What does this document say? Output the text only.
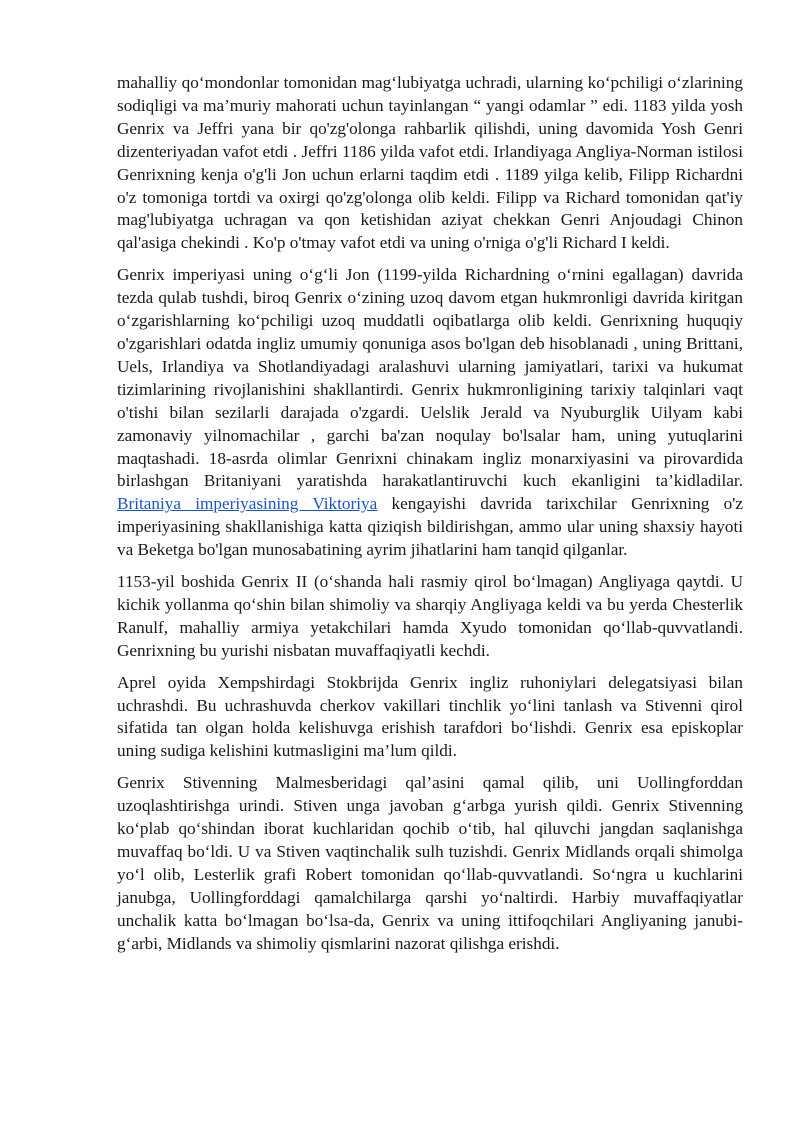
mahalliy qo‘mondonlar tomonidan mag‘lubiyatga uchradi, ularning ko‘pchiligi o‘zlarining sodiqligi va ma’muriy mahorati uchun tayinlangan “ yangi odamlar ” edi. 1183 yilda yosh Genrix va Jeffri yana bir qo'zg'olonga rahbarlik qilishdi, uning davomida Yosh Genri dizenteriyadan vafot etdi . Jeffri 1186 yilda vafot etdi. Irlandiyaga Angliya-Norman istilosi Genrixning kenja o'g'li Jon uchun erlarni taqdim etdi . 1189 yilga kelib, Filipp Richardni o'z tomoniga tortdi va oxirgi qo'zg'olonga olib keldi. Filipp va Richard tomonidan qat'iy mag'lubiyatga uchragan va qon ketishidan aziyat chekkan Genri Anjoudagi Chinon qal'asiga chekindi . Ko'p o'tmay vafot etdi va uning o'rniga o'g'li Richard I keldi.

Genrix imperiyasi uning o‘g‘li Jon (1199-yilda Richardning o‘rnini egallagan) davrida tezda qulab tushdi, biroq Genrix o‘zining uzoq davom etgan hukmronligi davrida kiritgan o‘zgarishlarning ko‘pchiligi uzoq muddatli oqibatlarga olib keldi. Genrixning huquqiy o'zgarishlari odatda ingliz umumiy qonuniga asos bo'lgan deb hisoblanadi , uning Brittani, Uels, Irlandiya va Shotlandiyadagi aralashuvi ularning jamiyatlari, tarixi va hukumat tizimlarining rivojlanishini shakllantirdi. Genrix hukmronligining tarixiy talqinlari vaqt o'tishi bilan sezilarli darajada o'zgardi. Uelslik Jerald va Nyuburglik Uilyam kabi zamonaviy yilnomachilar , garchi ba'zan noqulay bo'lsalar ham, uning yutuqlarini maqtashadi. 18-asrda olimlar Genrixni chinakam ingliz monarxiyasini va pirovardida birlashgan Britaniyani yaratishda harakatlantiruvchi kuch ekanligini ta’kidladilar. Britaniya imperiyasining Viktoriya kengayishi davrida tarixchilar Genrixning o'z imperiyasining shakllanishiga katta qiziqish bildirishgan, ammo ular uning shaxsiy hayoti va Beketga bo'lgan munosabatining ayrim jihatlarini ham tanqid qilganlar.

1153-yil boshida Genrix II (o‘shanda hali rasmiy qirol bo‘lmagan) Angliyaga qaytdi. U kichik yollanma qo‘shin bilan shimoliy va sharqiy Angliyaga keldi va bu yerda Chesterlik Ranulf, mahalliy armiya yetakchilari hamda Xyudo tomonidan qo‘llab-quvvatlandi. Genrixning bu yurishi nisbatan muvaffaqiyatli kechdi.

Aprel oyida Xempshirdagi Stokbrijda Genrix ingliz ruhoniylari delegatsiyasi bilan uchrashdi. Bu uchrashuvda cherkov vakillari tinchlik yo‘lini tanlash va Stivenni qirol sifatida tan olgan holda kelishuvga erishish tarafdori bo‘lishdi. Genrix esa episkoplar uning sudiga kelishini kutmasligini ma’lum qildi.

Genrix Stivenning Malmesberidagi qal’asini qamal qilib, uni Uollingforddan uzoqlashtirishga urindi. Stiven unga javoban g‘arbga yurish qildi. Genrix Stivenning ko‘plab qo‘shindan iborat kuchlaridan qochib o‘tib, hal qiluvchi jangdan saqlanishga muvaffaq bo‘ldi. U va Stiven vaqtinchalik sulh tuzishdi. Genrix Midlands orqali shimolga yo‘l olib, Lesterlik grafi Robert tomonidan qo‘llab-quvvatlandi. So‘ngra u kuchlarini janubga, Uollingforddagi qamalchilarga qarshi yo‘naltirdi. Harbiy muvaffaqiyatlar unchalik katta bo‘lmagan bo‘lsa-da, Genrix va uning ittifoqchilari Angliyaning janubi-g‘arbi, Midlands va shimoliy qismlarini nazorat qilishga erishdi.
